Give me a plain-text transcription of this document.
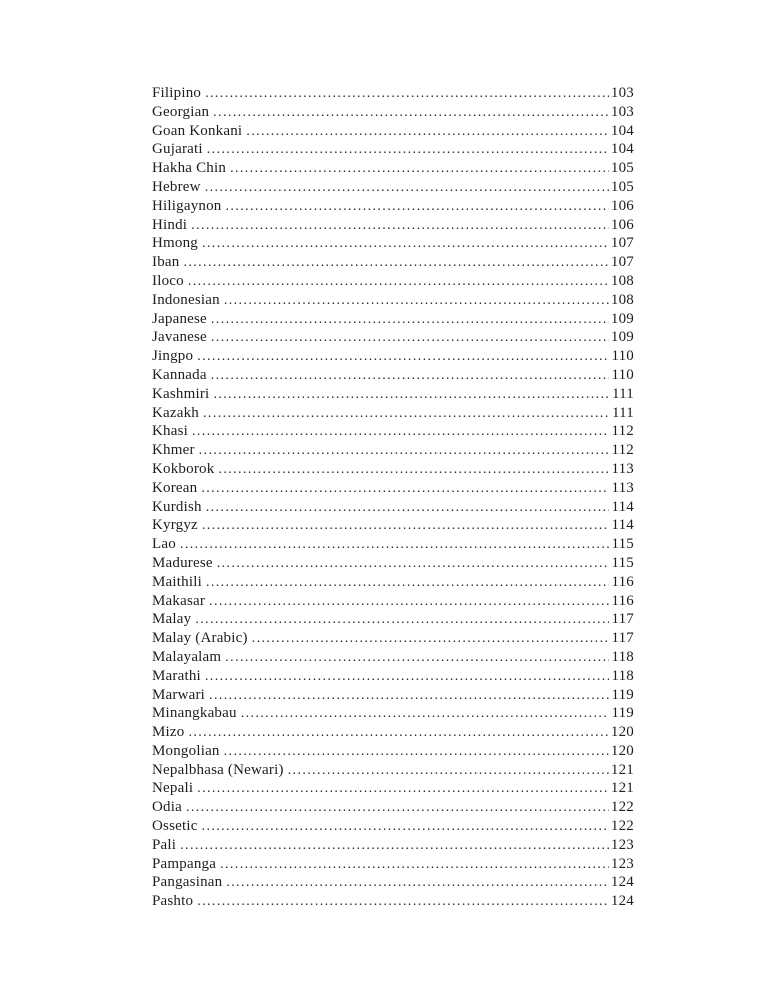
Filipino .....	103
Georgian .....	103
Goan Konkani .....	104
Gujarati .....	104
Hakha Chin .....	105
Hebrew .....	105
Hiligaynon .....	106
Hindi .....	106
Hmong .....	107
Iban .....	107
Iloco .....	108
Indonesian .....	108
Japanese .....	109
Javanese .....	109
Jingpo .....	110
Kannada .....	110
Kashmiri .....	111
Kazakh .....	111
Khasi .....	112
Khmer .....	112
Kokborok .....	113
Korean .....	113
Kurdish .....	114
Kyrgyz .....	114
Lao .....	115
Madurese .....	115
Maithili .....	116
Makasar .....	116
Malay .....	117
Malay (Arabic) .....	117
Malayalam .....	118
Marathi .....	118
Marwari .....	119
Minangkabau .....	119
Mizo .....	120
Mongolian .....	120
Nepalbhasa (Newari) .....	121
Nepali .....	121
Odia .....	122
Ossetic .....	122
Pali .....	123
Pampanga .....	123
Pangasinan .....	124
Pashto .....	124
